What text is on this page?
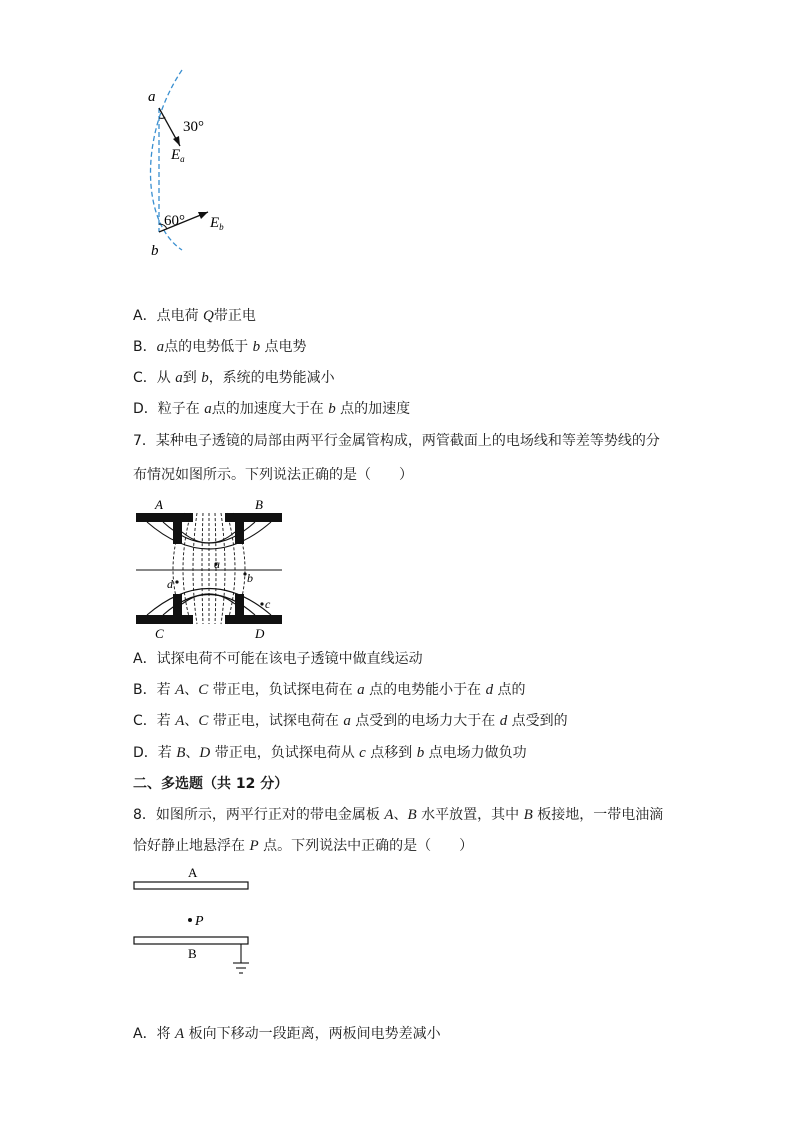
a
b
30°
60°
$E_a$
$E_b$
A．点电荷 Q带正电
B．a点的电势低于 b 点电势
C．从 a到 b，系统的电势能减小
D．粒子在 a点的加速度大于在 b 点的加速度
7．某种电子透镜的局部由两平行金属管构成，两管截面上的电场线和等差等势线的分
布情况如图所示。下列说法正确的是（　　）
A	B
C	D
a
b
c
d
A．试探电荷不可能在该电子透镜中做直线运动
B．若 A、C 带正电，负试探电荷在 a 点的电势能小于在 d 点的
C．若 A、C 带正电，试探电荷在 a 点受到的电场力大于在 d 点受到的
D．若 B、D 带正电，负试探电荷从 c 点移到 b 点电场力做负功
二、多选题（共 12 分）
8．如图所示，两平行正对的带电金属板 A、B 水平放置，其中 B 板接地，一带电油滴
恰好静止地悬浮在 P 点。下列说法中正确的是（　　）
A
P
B
A．将 A 板向下移动一段距离，两板间电势差减小
